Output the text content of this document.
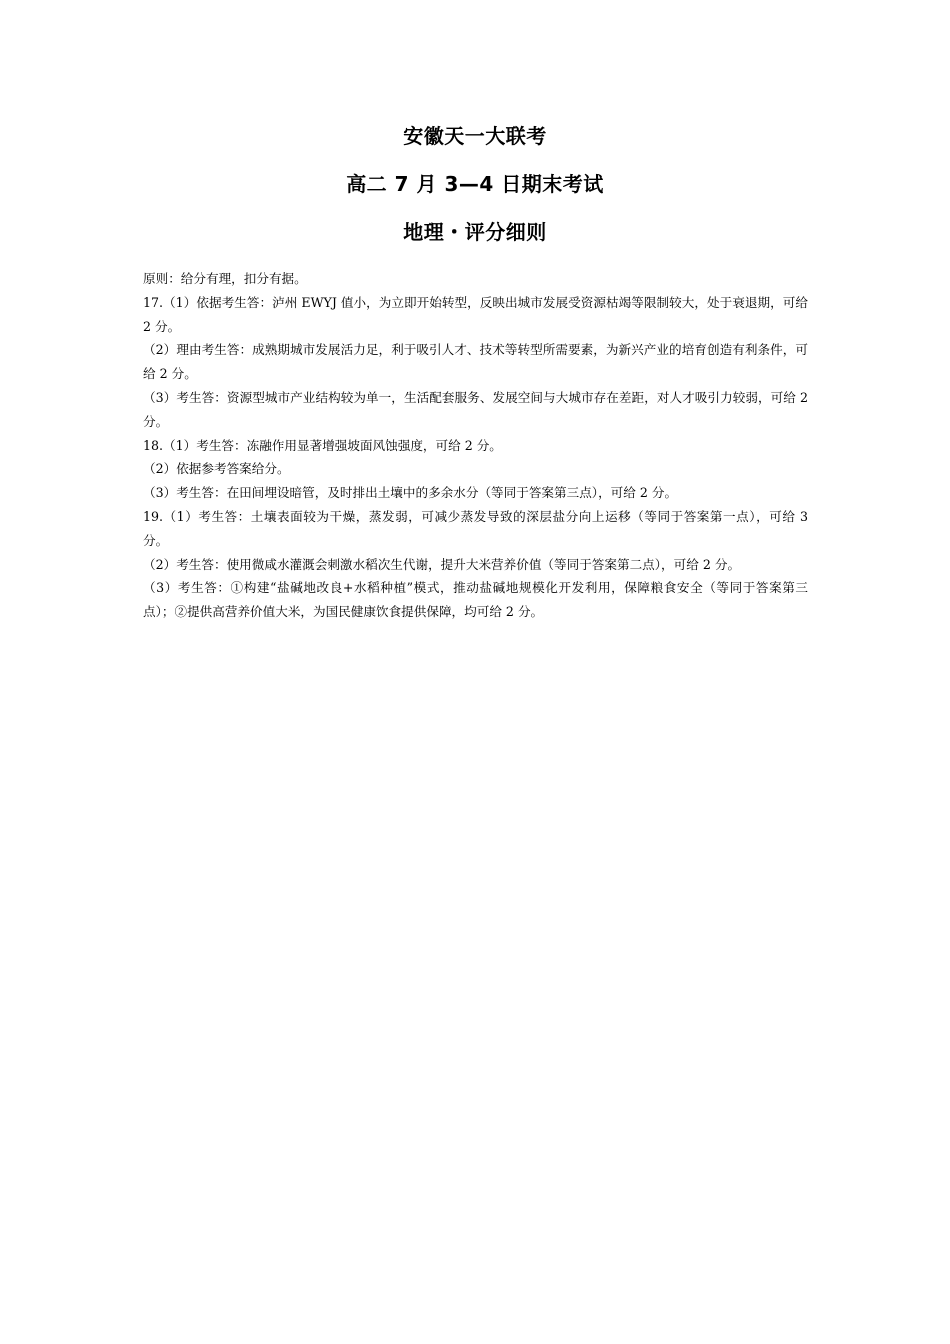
安徽天一大联考
高二 7 月 3—4 日期末考试
地理・评分细则

原则：给分有理，扣分有据。

17.（1）依据考生答：泸州 EWYJ 值小，为立即开始转型，反映出城市发展受资源枯竭等限制较大，处于衰退期，可给 2 分。

（2）理由考生答：成熟期城市发展活力足，利于吸引人才、技术等转型所需要素，为新兴产业的培育创造有利条件，可给 2 分。

（3）考生答：资源型城市产业结构较为单一，生活配套服务、发展空间与大城市存在差距，对人才吸引力较弱，可给 2 分。

18.（1）考生答：冻融作用显著增强坡面风蚀强度，可给 2 分。

（2）依据参考答案给分。

（3）考生答：在田间埋设暗管，及时排出土壤中的多余水分（等同于答案第三点），可给 2 分。

19.（1）考生答：土壤表面较为干燥，蒸发弱，可减少蒸发导致的深层盐分向上运移（等同于答案第一点），可给 3 分。

（2）考生答：使用微咸水灌溉会刺激水稻次生代谢，提升大米营养价值（等同于答案第二点），可给 2 分。

（3）考生答：①构建“盐碱地改良+水稻种植”模式，推动盐碱地规模化开发利用，保障粮食安全（等同于答案第三点）；②提供高营养价值大米，为国民健康饮食提供保障，均可给 2 分。
